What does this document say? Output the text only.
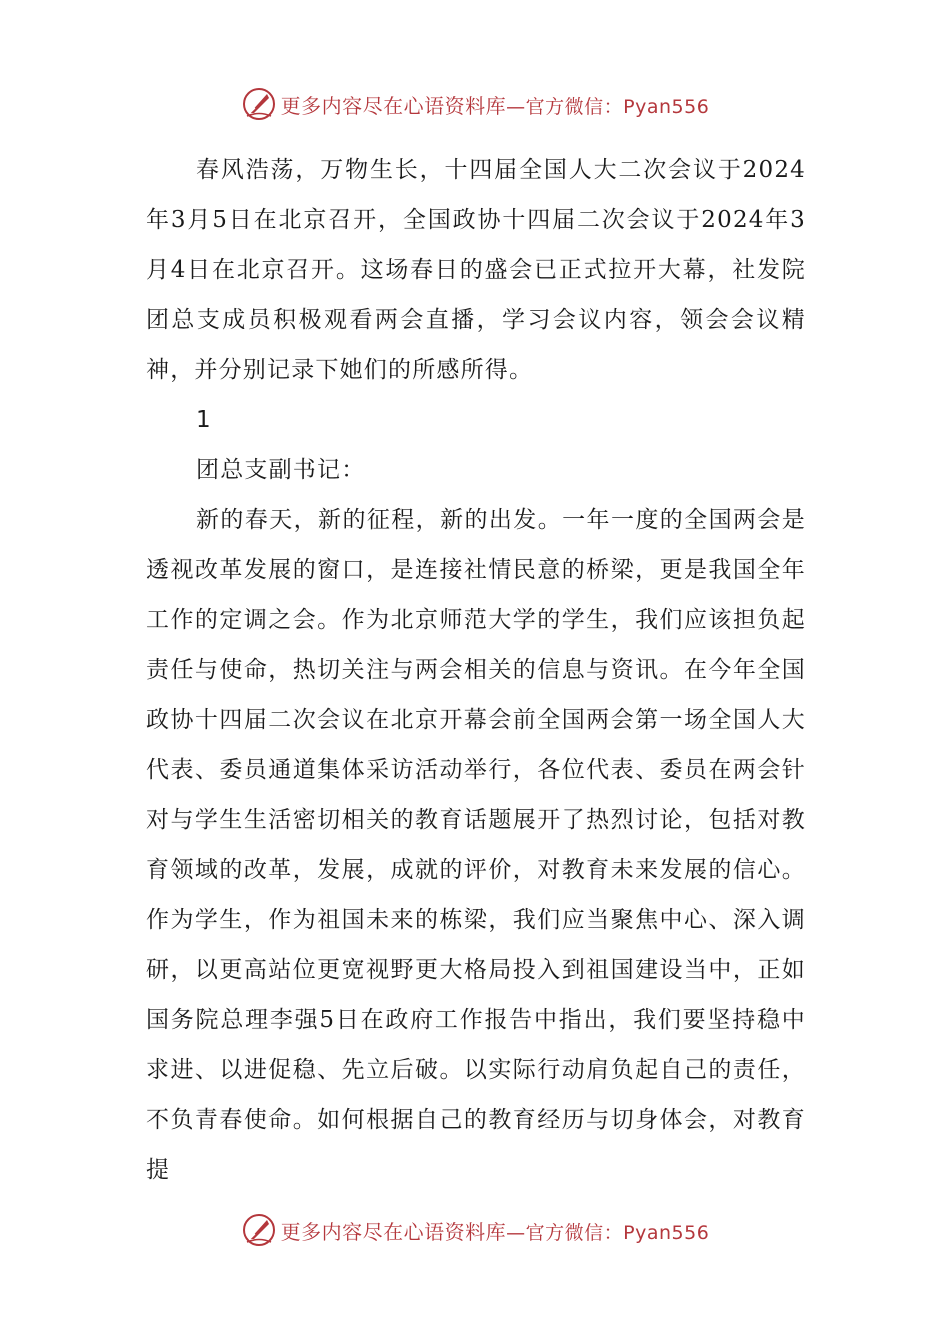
更多内容尽在心语资料库—官方微信：Pyan556

春风浩荡，万物生长，十四届全国人大二次会议于2024年3月5日在北京召开，全国政协十四届二次会议于2024年3月4日在北京召开。这场春日的盛会已正式拉开大幕，社发院团总支成员积极观看两会直播，学习会议内容，领会会议精神，并分别记录下她们的所感所得。

1

团总支副书记：

新的春天，新的征程，新的出发。一年一度的全国两会是透视改革发展的窗口，是连接社情民意的桥梁，更是我国全年工作的定调之会。作为北京师范大学的学生，我们应该担负起责任与使命，热切关注与两会相关的信息与资讯。在今年全国政协十四届二次会议在北京开幕会前全国两会第一场全国人大代表、委员通道集体采访活动举行，各位代表、委员在两会针对与学生生活密切相关的教育话题展开了热烈讨论，包括对教育领域的改革，发展，成就的评价，对教育未来发展的信心。作为学生，作为祖国未来的栋梁，我们应当聚焦中心、深入调研，以更高站位更宽视野更大格局投入到祖国建设当中，正如国务院总理李强5日在政府工作报告中指出，我们要坚持稳中求进、以进促稳、先立后破。以实际行动肩负起自己的责任，不负青春使命。如何根据自己的教育经历与切身体会，对教育提

更多内容尽在心语资料库—官方微信：Pyan556
